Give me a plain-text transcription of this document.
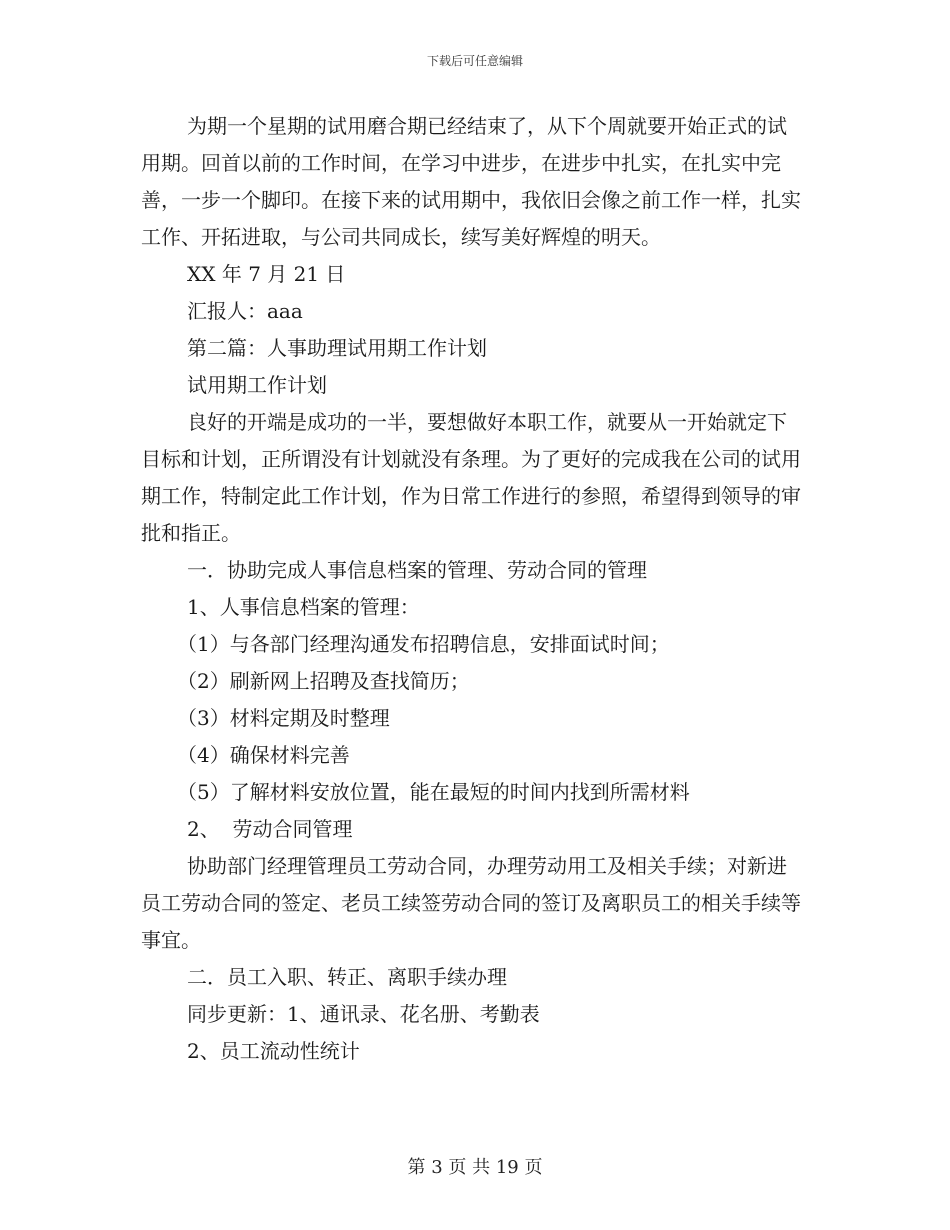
下载后可任意编辑

为期一个星期的试用磨合期已经结束了，从下个周就要开始正式的试用期。回首以前的工作时间，在学习中进步，在进步中扎实，在扎实中完善，一步一个脚印。在接下来的试用期中，我依旧会像之前工作一样，扎实工作、开拓进取，与公司共同成长，续写美好辉煌的明天。

XX 年 7 月 21 日

汇报人：aaa

第二篇：人事助理试用期工作计划

试用期工作计划

良好的开端是成功的一半，要想做好本职工作，就要从一开始就定下目标和计划，正所谓没有计划就没有条理。为了更好的完成我在公司的试用期工作，特制定此工作计划，作为日常工作进行的参照，希望得到领导的审批和指正。

一．协助完成人事信息档案的管理、劳动合同的管理

1、人事信息档案的管理：

（1）与各部门经理沟通发布招聘信息，安排面试时间；

（2）刷新网上招聘及查找简历；

（3）材料定期及时整理

（4）确保材料完善

（5）了解材料安放位置，能在最短的时间内找到所需材料

2、  劳动合同管理

协助部门经理管理员工劳动合同，办理劳动用工及相关手续；对新进员工劳动合同的签定、老员工续签劳动合同的签订及离职员工的相关手续等事宜。

二．员工入职、转正、离职手续办理

同步更新：1、通讯录、花名册、考勤表

2、员工流动性统计

第 3 页 共 19 页
